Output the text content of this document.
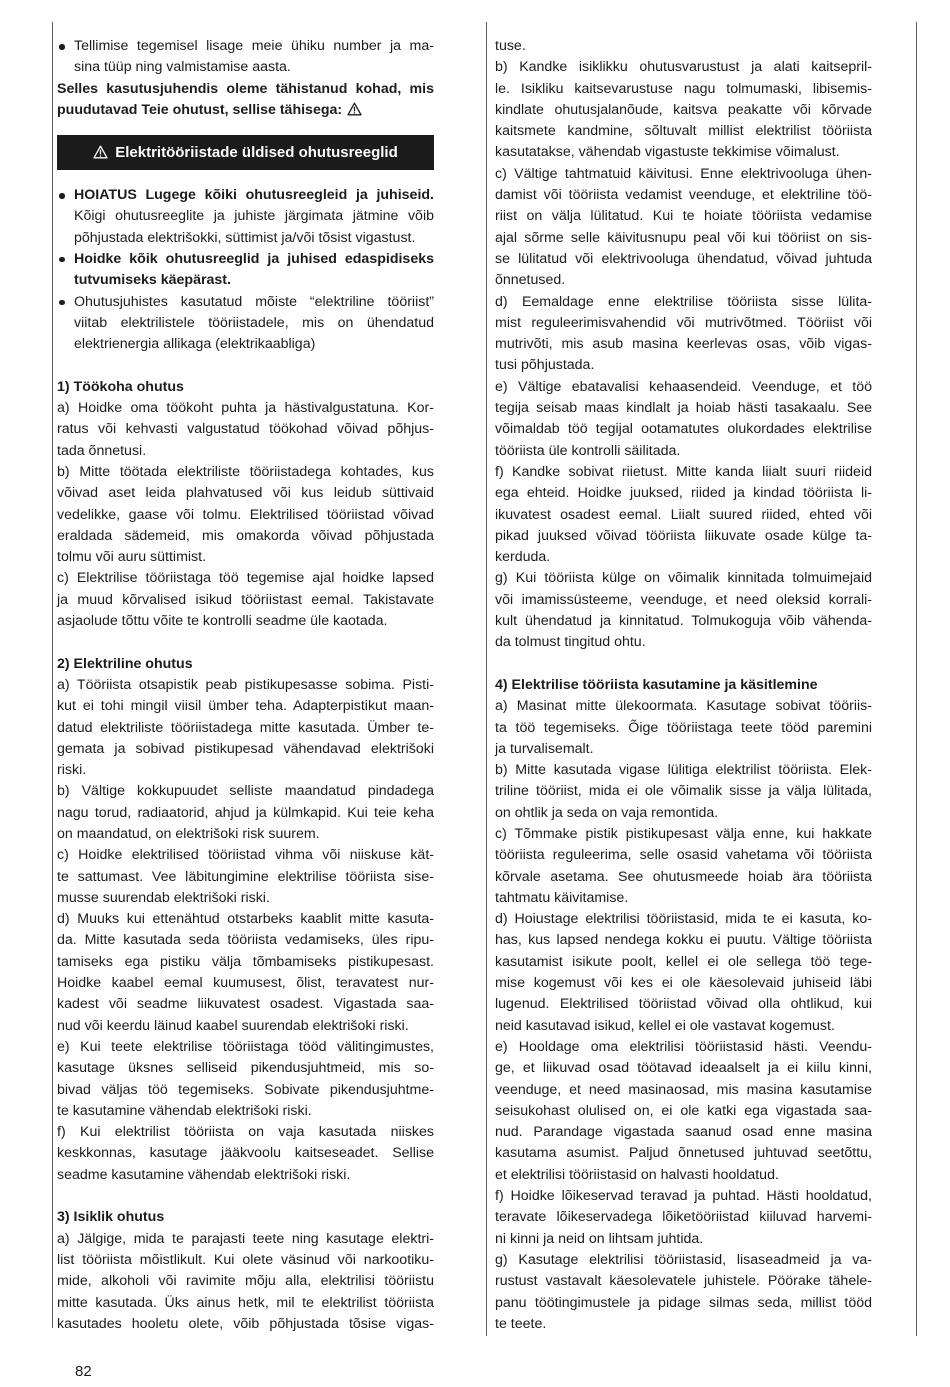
Tellimise tegemisel lisage meie ühiku number ja ma-
sina tüüp ning valmistamise aasta.
Selles kasutusjuhendis oleme tähistanud kohad, mis
puudutavad Teie ohutust, sellise tähisega:
Elektritööriistade üldised ohutusreeglid
HOIATUS Lugege kõiki ohutusreegleid ja juhiseid.
Kõigi ohutusreeglite ja juhiste järgimata jätmine võib
põhjustada elektrišokki, süttimist ja/või tõsist vigastust.
Hoidke kõik ohutusreeglid ja juhised edaspidiseks
tutvumiseks käepärast.
Ohutusjuhistes kasutatud mõiste “elektriline tööriist”
viitab elektrilistele tööriistadele, mis on ühendatud
elektrienergia allikaga (elektrikaabliga)
1) Töökoha ohutus
a) Hoidke oma töökoht puhta ja hästivalgustatuna. Kor-
ratus või kehvasti valgustatud töökohad võivad põhjus-
tada õnnetusi.
b) Mitte töötada elektriliste tööriistadega kohtades, kus
võivad aset leida plahvatused või kus leidub süttivaid
vedelikke, gaase või tolmu. Elektrilised tööriistad võivad
eraldada sädemeid, mis omakorda võivad põhjustada
tolmu või auru süttimist.
c) Elektrilise tööriistaga töö tegemise ajal hoidke lapsed
ja muud kõrvalised isikud tööriistast eemal. Takistavate
asjaolude tõttu võite te kontrolli seadme üle kaotada.
2) Elektriline ohutus
a) Tööriista otsapistik peab pistikupesasse sobima. Pisti-
kut ei tohi mingil viisil ümber teha. Adapterpistikut maan-
datud elektriliste tööriistadega mitte kasutada. Ümber te-
gemata ja sobivad pistikupesad vähendavad elektrišoki
riski.
b) Vältige kokkupuudet selliste maandatud pindadega
nagu torud, radiaatorid, ahjud ja külmkapid. Kui teie keha
on maandatud, on elektrišoki risk suurem.
c) Hoidke elektrilised tööriistad vihma või niiskuse kät-
te sattumast. Vee läbitungimine elektrilise tööriista sise-
musse suurendab elektrišoki riski.
d) Muuks kui ettenähtud otstarbeks kaablit mitte kasuta-
da. Mitte kasutada seda tööriista vedamiseks, üles ripu-
tamiseks ega pistiku välja tõmbamiseks pistikupesast.
Hoidke kaabel eemal kuumusest, õlist, teravatest nur-
kadest või seadme liikuvatest osadest. Vigastada saa-
nud või keerdu läinud kaabel suurendab elektrišoki riski.
e) Kui teete elektrilise tööriistaga tööd välitingimustes,
kasutage üksnes selliseid pikendusjuhtmeid, mis so-
bivad väljas töö tegemiseks. Sobivate pikendusjuhtme-
te kasutamine vähendab elektrišoki riski.
f) Kui elektrilist tööriista on vaja kasutada niiskes
keskkonnas, kasutage jääkvoolu kaitseseadet. Sellise
seadme kasutamine vähendab elektrišoki riski.
3) Isiklik ohutus
a) Jälgige, mida te parajasti teete ning kasutage elektri-
list tööriista mõistlikult. Kui olete väsinud või narkootiku-
mide, alkoholi või ravimite mõju alla, elektrilisi tööriistu
mitte kasutada. Üks ainus hetk, mil te elektrilist tööriista
kasutades hooletu olete, võib põhjustada tõsise vigas-
tuse.
b) Kandke isiklikku ohutusvarustust ja alati kaitsepril-
le. Isikliku kaitsevarustuse nagu tolmumaski, libisemis-
kindlate ohutusjalanõude, kaitsva peakatte või kõrvade
kaitsmete kandmine, sõltuvalt millist elektrilist tööriista
kasutatakse, vähendab vigastuste tekkimise võimalust.
c) Vältige tahtmatuid käivitusi. Enne elektrivooluga ühen-
damist või tööriista vedamist veenduge, et elektriline töö-
riist on välja lülitatud. Kui te hoiate tööriista vedamise
ajal sõrme selle käivitusnupu peal või kui tööriist on sis-
se lülitatud või elektrivooluga ühendatud, võivad juhtuda
õnnetused.
d) Eemaldage enne elektrilise tööriista sisse lülita-
mist reguleerimisvahendid või mutrivõtmed. Tööriist või
mutrivõti, mis asub masina keerlevas osas, võib vigas-
tusi põhjustada.
e) Vältige ebatavalisi kehaasendeid. Veenduge, et töö
tegija seisab maas kindlalt ja hoiab hästi tasakaalu. See
võimaldab töö tegijal ootamatutes olukordades elektrilise
tööriista üle kontrolli säilitada.
f) Kandke sobivat riietust. Mitte kanda liialt suuri riideid
ega ehteid. Hoidke juuksed, riided ja kindad tööriista li-
ikuvatest osadest eemal. Liialt suured riided, ehted või
pikad juuksed võivad tööriista liikuvate osade külge ta-
kerduda.
g) Kui tööriista külge on võimalik kinnitada tolmuimejaid
või imamissüsteeme, veenduge, et need oleksid korrali-
kult ühendatud ja kinnitatud. Tolmukoguja võib vähenda-
da tolmust tingitud ohtu.
4) Elektrilise tööriista kasutamine ja käsitlemine
a) Masinat mitte ülekoormata. Kasutage sobivat tööriis-
ta töö tegemiseks. Õige tööriistaga teete tööd paremini
ja turvalisemalt.
b) Mitte kasutada vigase lülitiga elektrilist tööriista. Elek-
triline tööriist, mida ei ole võimalik sisse ja välja lülitada,
on ohtlik ja seda on vaja remontida.
c) Tõmmake pistik pistikupesast välja enne, kui hakkate
tööriista reguleerima, selle osasid vahetama või tööriista
kõrvale asetama. See ohutusmeede hoiab ära tööriista
tahtmatu käivitamise.
d) Hoiustage elektrilisi tööriistasid, mida te ei kasuta, ko-
has, kus lapsed nendega kokku ei puutu. Vältige tööriista
kasutamist isikute poolt, kellel ei ole sellega töö tege-
mise kogemust või kes ei ole käesolevaid juhiseid läbi
lugenud. Elektrilised tööriistad võivad olla ohtlikud, kui
neid kasutavad isikud, kellel ei ole vastavat kogemust.
e) Hooldage oma elektrilisi tööriistasid hästi. Veendu-
ge, et liikuvad osad töötavad ideaalselt ja ei kiilu kinni,
veenduge, et need masinaosad, mis masina kasutamise
seisukohast olulised on, ei ole katki ega vigastada saa-
nud. Parandage vigastada saanud osad enne masina
kasutama asumist. Paljud õnnetused juhtuvad seetõttu,
et elektrilisi tööriistasid on halvasti hooldatud.
f) Hoidke lõikeservad teravad ja puhtad. Hästi hooldatud,
teravate lõikeservadega lõiketööriistad kiiluvad harvemi-
ni kinni ja neid on lihtsam juhtida.
g) Kasutage elektrilisi tööriistasid, lisaseadmeid ja va-
rustust vastavalt käesolevatele juhistele. Pöörake tähele-
panu töötingimustele ja pidage silmas seda, millist tööd
te teete.
82
